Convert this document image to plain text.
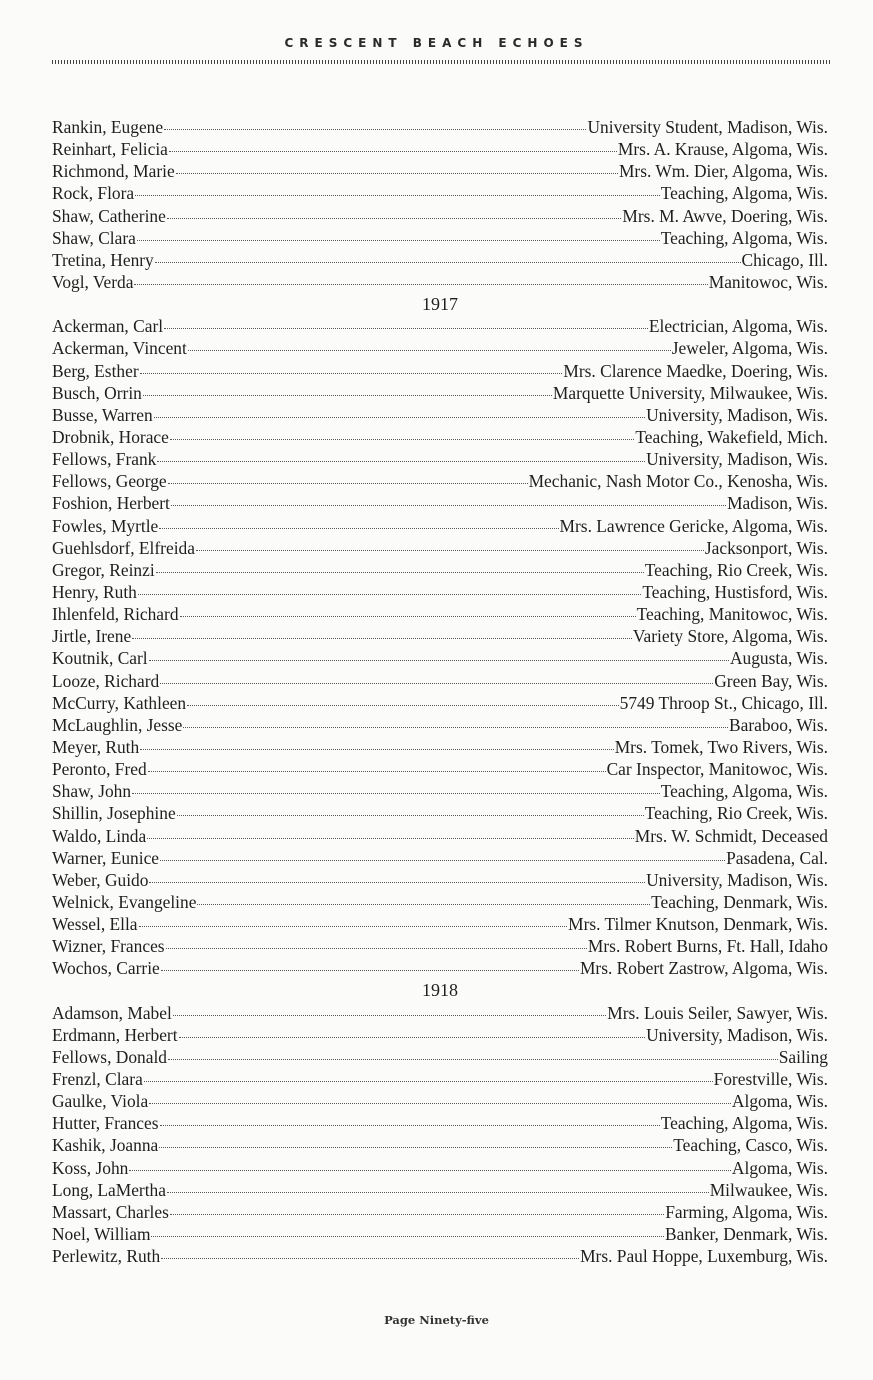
CRESCENT BEACH ECHOES
Rankin, Eugene	University Student, Madison, Wis.
Reinhart, Felicia	Mrs. A. Krause, Algoma, Wis.
Richmond, Marie	Mrs. Wm. Dier, Algoma, Wis.
Rock, Flora	Teaching, Algoma, Wis.
Shaw, Catherine	Mrs. M. Awve, Doering, Wis.
Shaw, Clara	Teaching, Algoma, Wis.
Tretina, Henry	Chicago, Ill.
Vogl, Verda	Manitowoc, Wis.
1917
Ackerman, Carl	Electrician, Algoma, Wis.
Ackerman, Vincent	Jeweler, Algoma, Wis.
Berg, Esther	Mrs. Clarence Maedke, Doering, Wis.
Busch, Orrin	Marquette University, Milwaukee, Wis.
Busse, Warren	University, Madison, Wis.
Drobnik, Horace	Teaching, Wakefield, Mich.
Fellows, Frank	University, Madison, Wis.
Fellows, George	Mechanic, Nash Motor Co., Kenosha, Wis.
Foshion, Herbert	Madison, Wis.
Fowles, Myrtle	Mrs. Lawrence Gericke, Algoma, Wis.
Guehlsdorf, Elfreida	Jacksonport, Wis.
Gregor, Reinzi	Teaching, Rio Creek, Wis.
Henry, Ruth	Teaching, Hustisford, Wis.
Ihlenfeld, Richard	Teaching, Manitowoc, Wis.
Jirtle, Irene	Variety Store, Algoma, Wis.
Koutnik, Carl	Augusta, Wis.
Looze, Richard	Green Bay, Wis.
McCurry, Kathleen	5749 Throop St., Chicago, Ill.
McLaughlin, Jesse	Baraboo, Wis.
Meyer, Ruth	Mrs. Tomek, Two Rivers, Wis.
Peronto, Fred	Car Inspector, Manitowoc, Wis.
Shaw, John	Teaching, Algoma, Wis.
Shillin, Josephine	Teaching, Rio Creek, Wis.
Waldo, Linda	Mrs. W. Schmidt, Deceased
Warner, Eunice	Pasadena, Cal.
Weber, Guido	University, Madison, Wis.
Welnick, Evangeline	Teaching, Denmark, Wis.
Wessel, Ella	Mrs. Tilmer Knutson, Denmark, Wis.
Wizner, Frances	Mrs. Robert Burns, Ft. Hall, Idaho
Wochos, Carrie	Mrs. Robert Zastrow, Algoma, Wis.
1918
Adamson, Mabel	Mrs. Louis Seiler, Sawyer, Wis.
Erdmann, Herbert	University, Madison, Wis.
Fellows, Donald	Sailing
Frenzl, Clara	Forestville, Wis.
Gaulke, Viola	Algoma, Wis.
Hutter, Frances	Teaching, Algoma, Wis.
Kashik, Joanna	Teaching, Casco, Wis.
Koss, John	Algoma, Wis.
Long, LaMertha	Milwaukee, Wis.
Massart, Charles	Farming, Algoma, Wis.
Noel, William	Banker, Denmark, Wis.
Perlewitz, Ruth	Mrs. Paul Hoppe, Luxemburg, Wis.
Page Ninety-five
